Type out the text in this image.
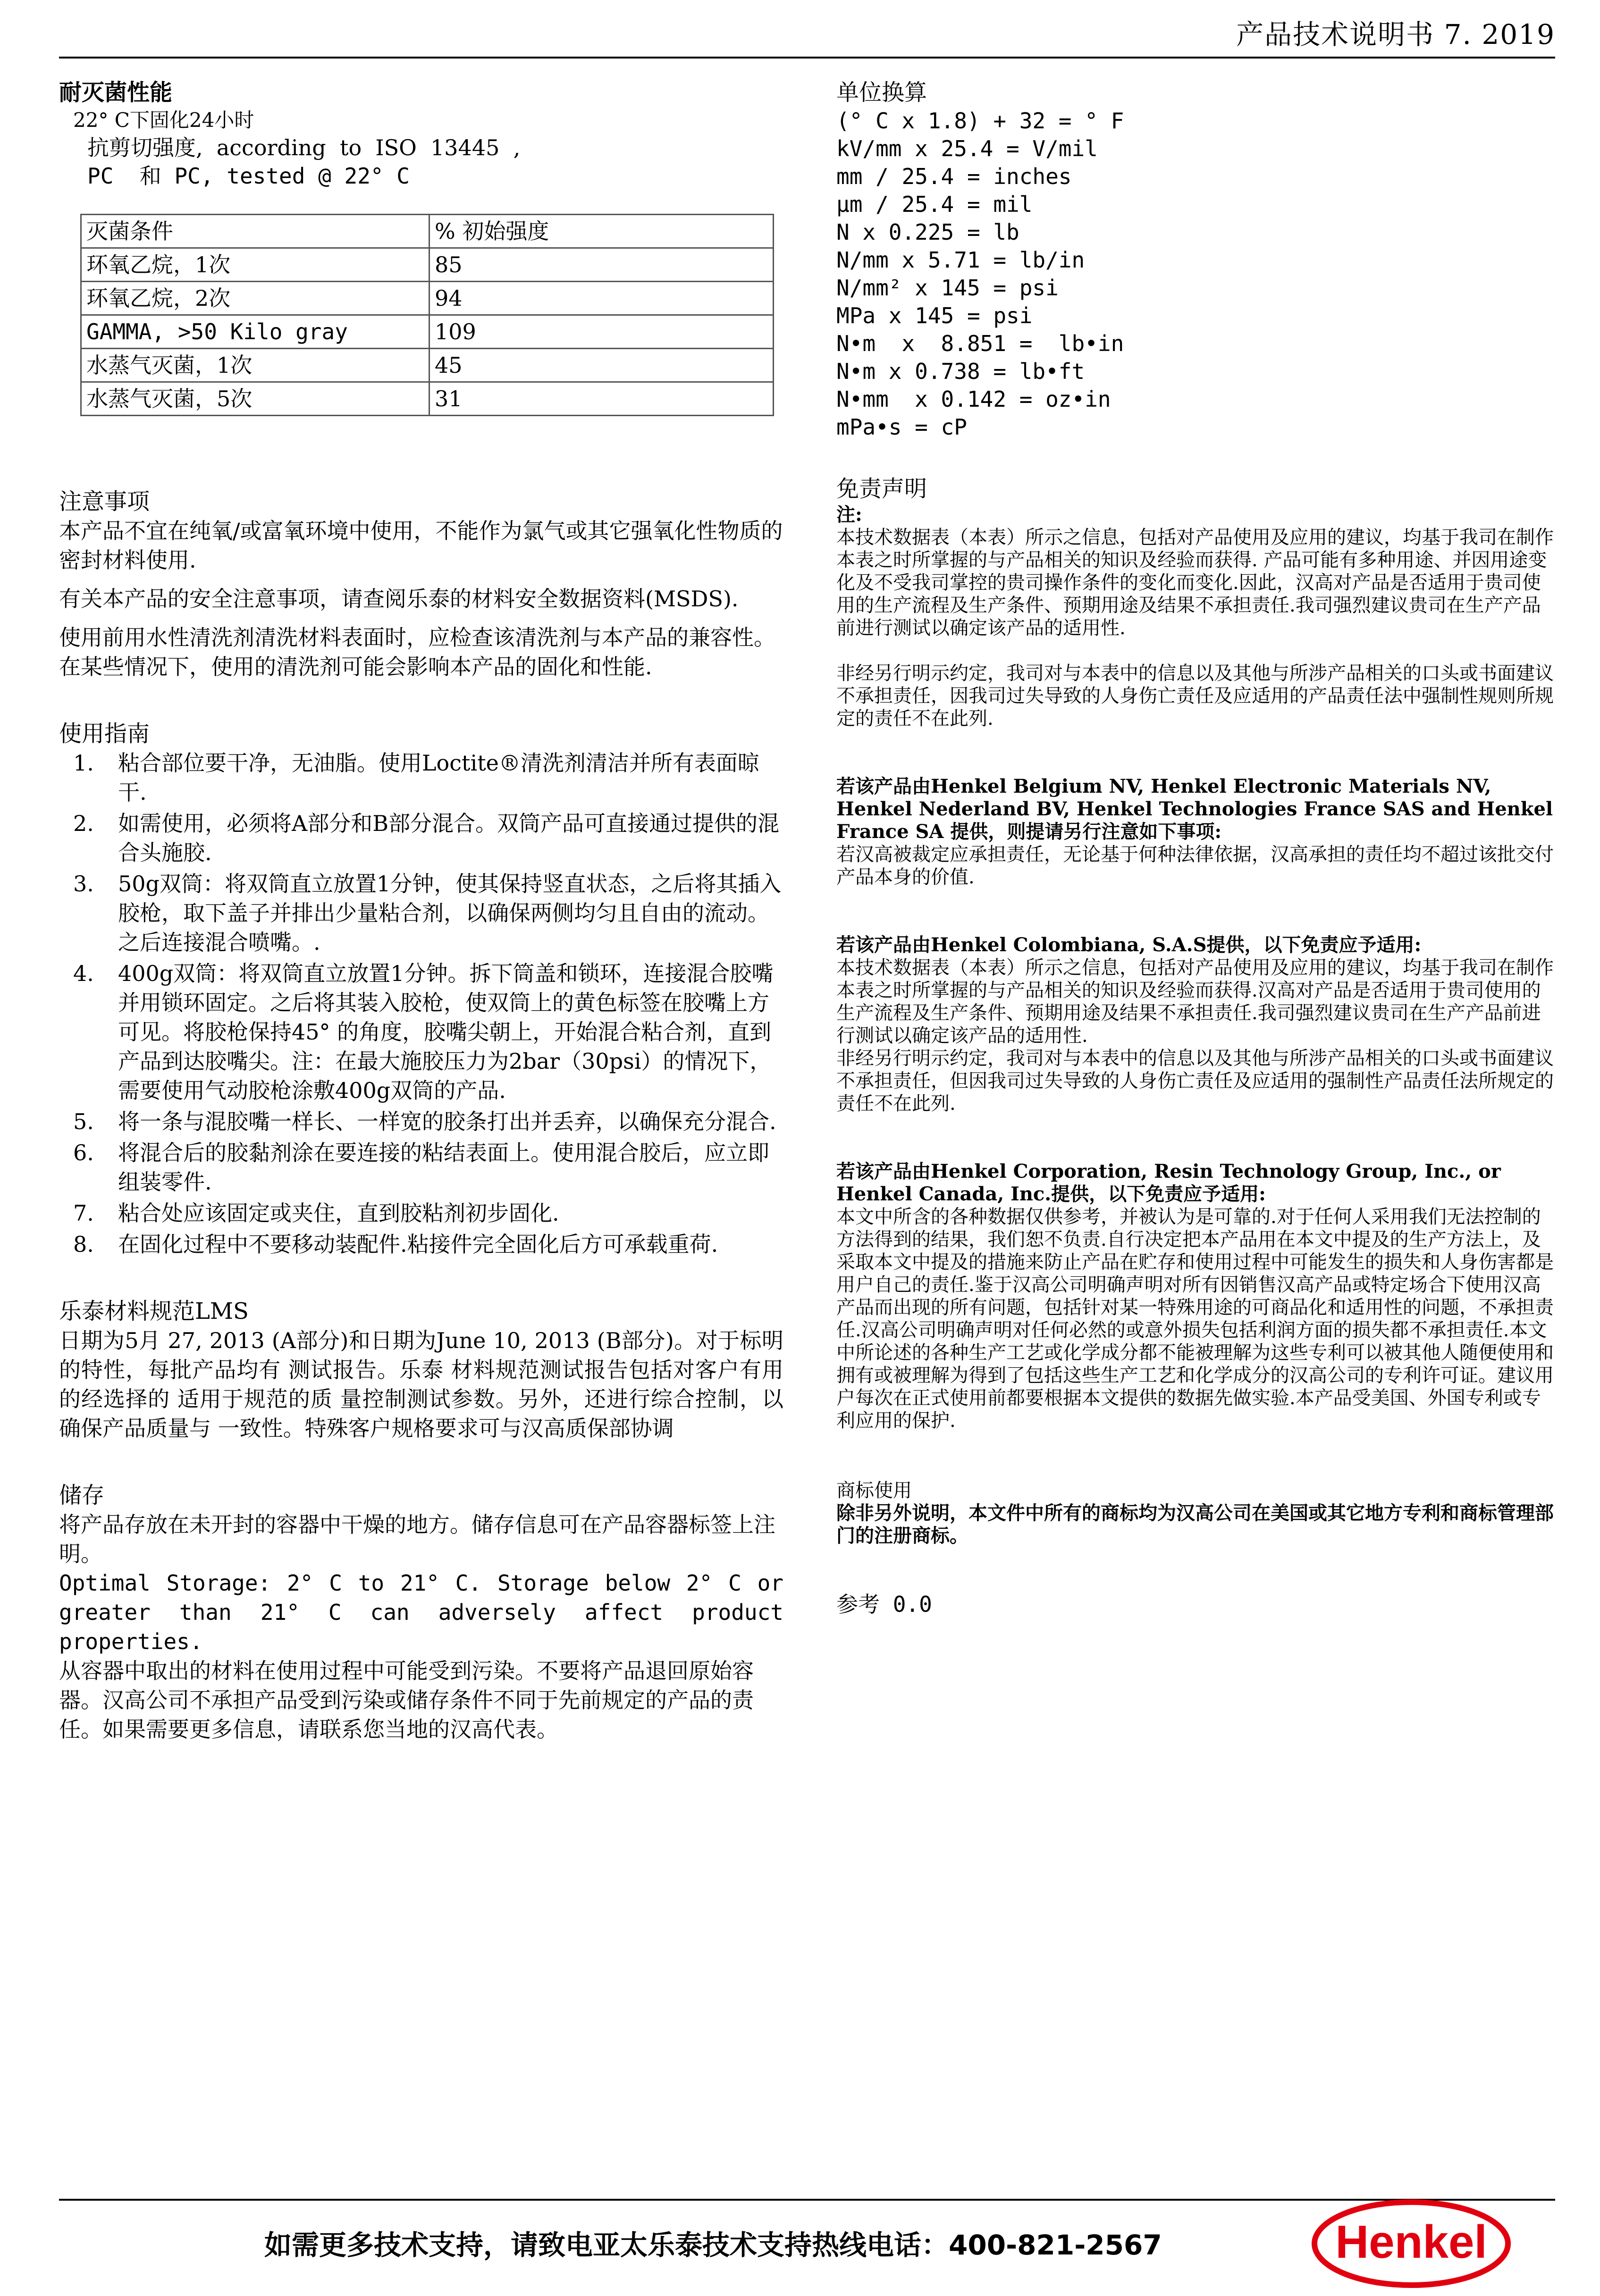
产品技术说明书 7. 2019

耐灭菌性能

22° C下固化24小时

抗剪切强度,  according  to  ISO  13445  ,

PC  和 PC, tested @ 22° C

灭菌条件	% 初始强度
环氧乙烷，1次	85
环氧乙烷，2次	94
GAMMA, >50 Kilo gray	109
水蒸气灭菌，1次	45
水蒸气灭菌，5次	31

注意事项

本产品不宜在纯氧/或富氧环境中使用，不能作为氯气或其它强氧化性物质的密封材料使用.

有关本产品的安全注意事项，请查阅乐泰的材料安全数据资料(MSDS).

使用前用水性清洗剂清洗材料表面时，应检查该清洗剂与本产品的兼容性。在某些情况下，使用的清洗剂可能会影响本产品的固化和性能.

使用指南

1. 粘合部位要干净，无油脂。使用Loctite®清洗剂清洁并所有表面晾干.
2. 如需使用，必须将A部分和B部分混合。双筒产品可直接通过提供的混合头施胶.
3. 50g双筒：将双筒直立放置1分钟，使其保持竖直状态，之后将其插入胶枪，取下盖子并排出少量粘合剂，以确保两侧均匀且自由的流动。之后连接混合喷嘴。.
4. 400g双筒：将双筒直立放置1分钟。拆下筒盖和锁环，连接混合胶嘴并用锁环固定。之后将其装入胶枪，使双筒上的黄色标签在胶嘴上方可见。将胶枪保持45° 的角度，胶嘴尖朝上，开始混合粘合剂，直到产品到达胶嘴尖。注：在最大施胶压力为2bar（30psi）的情况下，需要使用气动胶枪涂敷400g双筒的产品.
5. 将一条与混胶嘴一样长、一样宽的胶条打出并丢弃，以确保充分混合.
6. 将混合后的胶黏剂涂在要连接的粘结表面上。使用混合胶后，应立即组装零件.
7. 粘合处应该固定或夹住，直到胶粘剂初步固化.
8. 在固化过程中不要移动装配件.粘接件完全固化后方可承载重荷.

乐泰材料规范LMS

日期为5月 27, 2013 (A部分)和日期为June 10, 2013 (B部分)。对于标明的特性，每批产品均有 测试报告。乐泰 材料规范测试报告包括对客户有用的经选择的 适用于规范的质 量控制测试参数。另外，还进行综合控制，以 确保产品质量与 一致性。特殊客户规格要求可与汉高质保部协调

储存

将产品存放在未开封的容器中干燥的地方。储存信息可在产品容器标签上注明。

Optimal Storage: 2° C to 21° C. Storage below 2° C or greater than 21° C can adversely affect product properties.

从容器中取出的材料在使用过程中可能受到污染。不要将产品退回原始容器。汉高公司不承担产品受到污染或储存条件不同于先前规定的产品的责任。如果需要更多信息，请联系您当地的汉高代表。

单位换算

(° C x 1.8) + 32 = ° F

kV/mm x 25.4 = V/mil

mm / 25.4 = inches

µm / 25.4 = mil

N x 0.225 = lb

N/mm x 5.71 = lb/in

N/mm² x 145 = psi

MPa x 145 = psi

N•m  x  8.851 =  lb•in

N•m x 0.738 = lb•ft

N•mm  x 0.142 = oz•in

mPa•s = cP

免责声明

注:

本技术数据表（本表）所示之信息，包括对产品使用及应用的建议，均基于我司在制作本表之时所掌握的与产品相关的知识及经验而获得. 产品可能有多种用途、并因用途变化及不受我司掌控的贵司操作条件的变化而变化.因此，汉高对产品是否适用于贵司使用的生产流程及生产条件、预期用途及结果不承担责任.我司强烈建议贵司在生产产品前进行测试以确定该产品的适用性.

非经另行明示约定，我司对与本表中的信息以及其他与所涉产品相关的口头或书面建议不承担责任，因我司过失导致的人身伤亡责任及应适用的产品责任法中强制性规则所规定的责任不在此列.

若该产品由Henkel Belgium NV, Henkel Electronic Materials NV, Henkel Nederland BV, Henkel Technologies France SAS and Henkel France SA 提供，则提请另行注意如下事项:

若汉高被裁定应承担责任，无论基于何种法律依据，汉高承担的责任均不超过该批交付产品本身的价值.

若该产品由Henkel Colombiana, S.A.S提供，以下免责应予适用:

本技术数据表（本表）所示之信息，包括对产品使用及应用的建议，均基于我司在制作本表之时所掌握的与产品相关的知识及经验而获得.汉高对产品是否适用于贵司使用的生产流程及生产条件、预期用途及结果不承担责任.我司强烈建议贵司在生产产品前进行测试以确定该产品的适用性.

非经另行明示约定，我司对与本表中的信息以及其他与所涉产品相关的口头或书面建议不承担责任，但因我司过失导致的人身伤亡责任及应适用的强制性产品责任法所规定的责任不在此列.

若该产品由Henkel Corporation, Resin Technology Group, Inc., or Henkel Canada, Inc.提供，以下免责应予适用:

本文中所含的各种数据仅供参考，并被认为是可靠的.对于任何人采用我们无法控制的方法得到的结果，我们恕不负责.自行决定把本产品用在本文中提及的生产方法上，及采取本文中提及的措施来防止产品在贮存和使用过程中可能发生的损失和人身伤害都是用户自己的责任.鉴于汉高公司明确声明对所有因销售汉高产品或特定场合下使用汉高产品而出现的所有问题，包括针对某一特殊用途的可商品化和适用性的问题，不承担责任.汉高公司明确声明对任何必然的或意外损失包括利润方面的损失都不承担责任.本文中所论述的各种生产工艺或化学成分都不能被理解为这些专利可以被其他人随便使用和拥有或被理解为得到了包括这些生产工艺和化学成分的汉高公司的专利许可证。建议用户每次在正式使用前都要根据本文提供的数据先做实验.本产品受美国、外国专利或专利应用的保护.

商标使用

除非另外说明，本文件中所有的商标均为汉高公司在美国或其它地方专利和商标管理部门的注册商标。

参考 0.0

如需更多技术支持，请致电亚太乐泰技术支持热线电话：400-821-2567	Henkel
